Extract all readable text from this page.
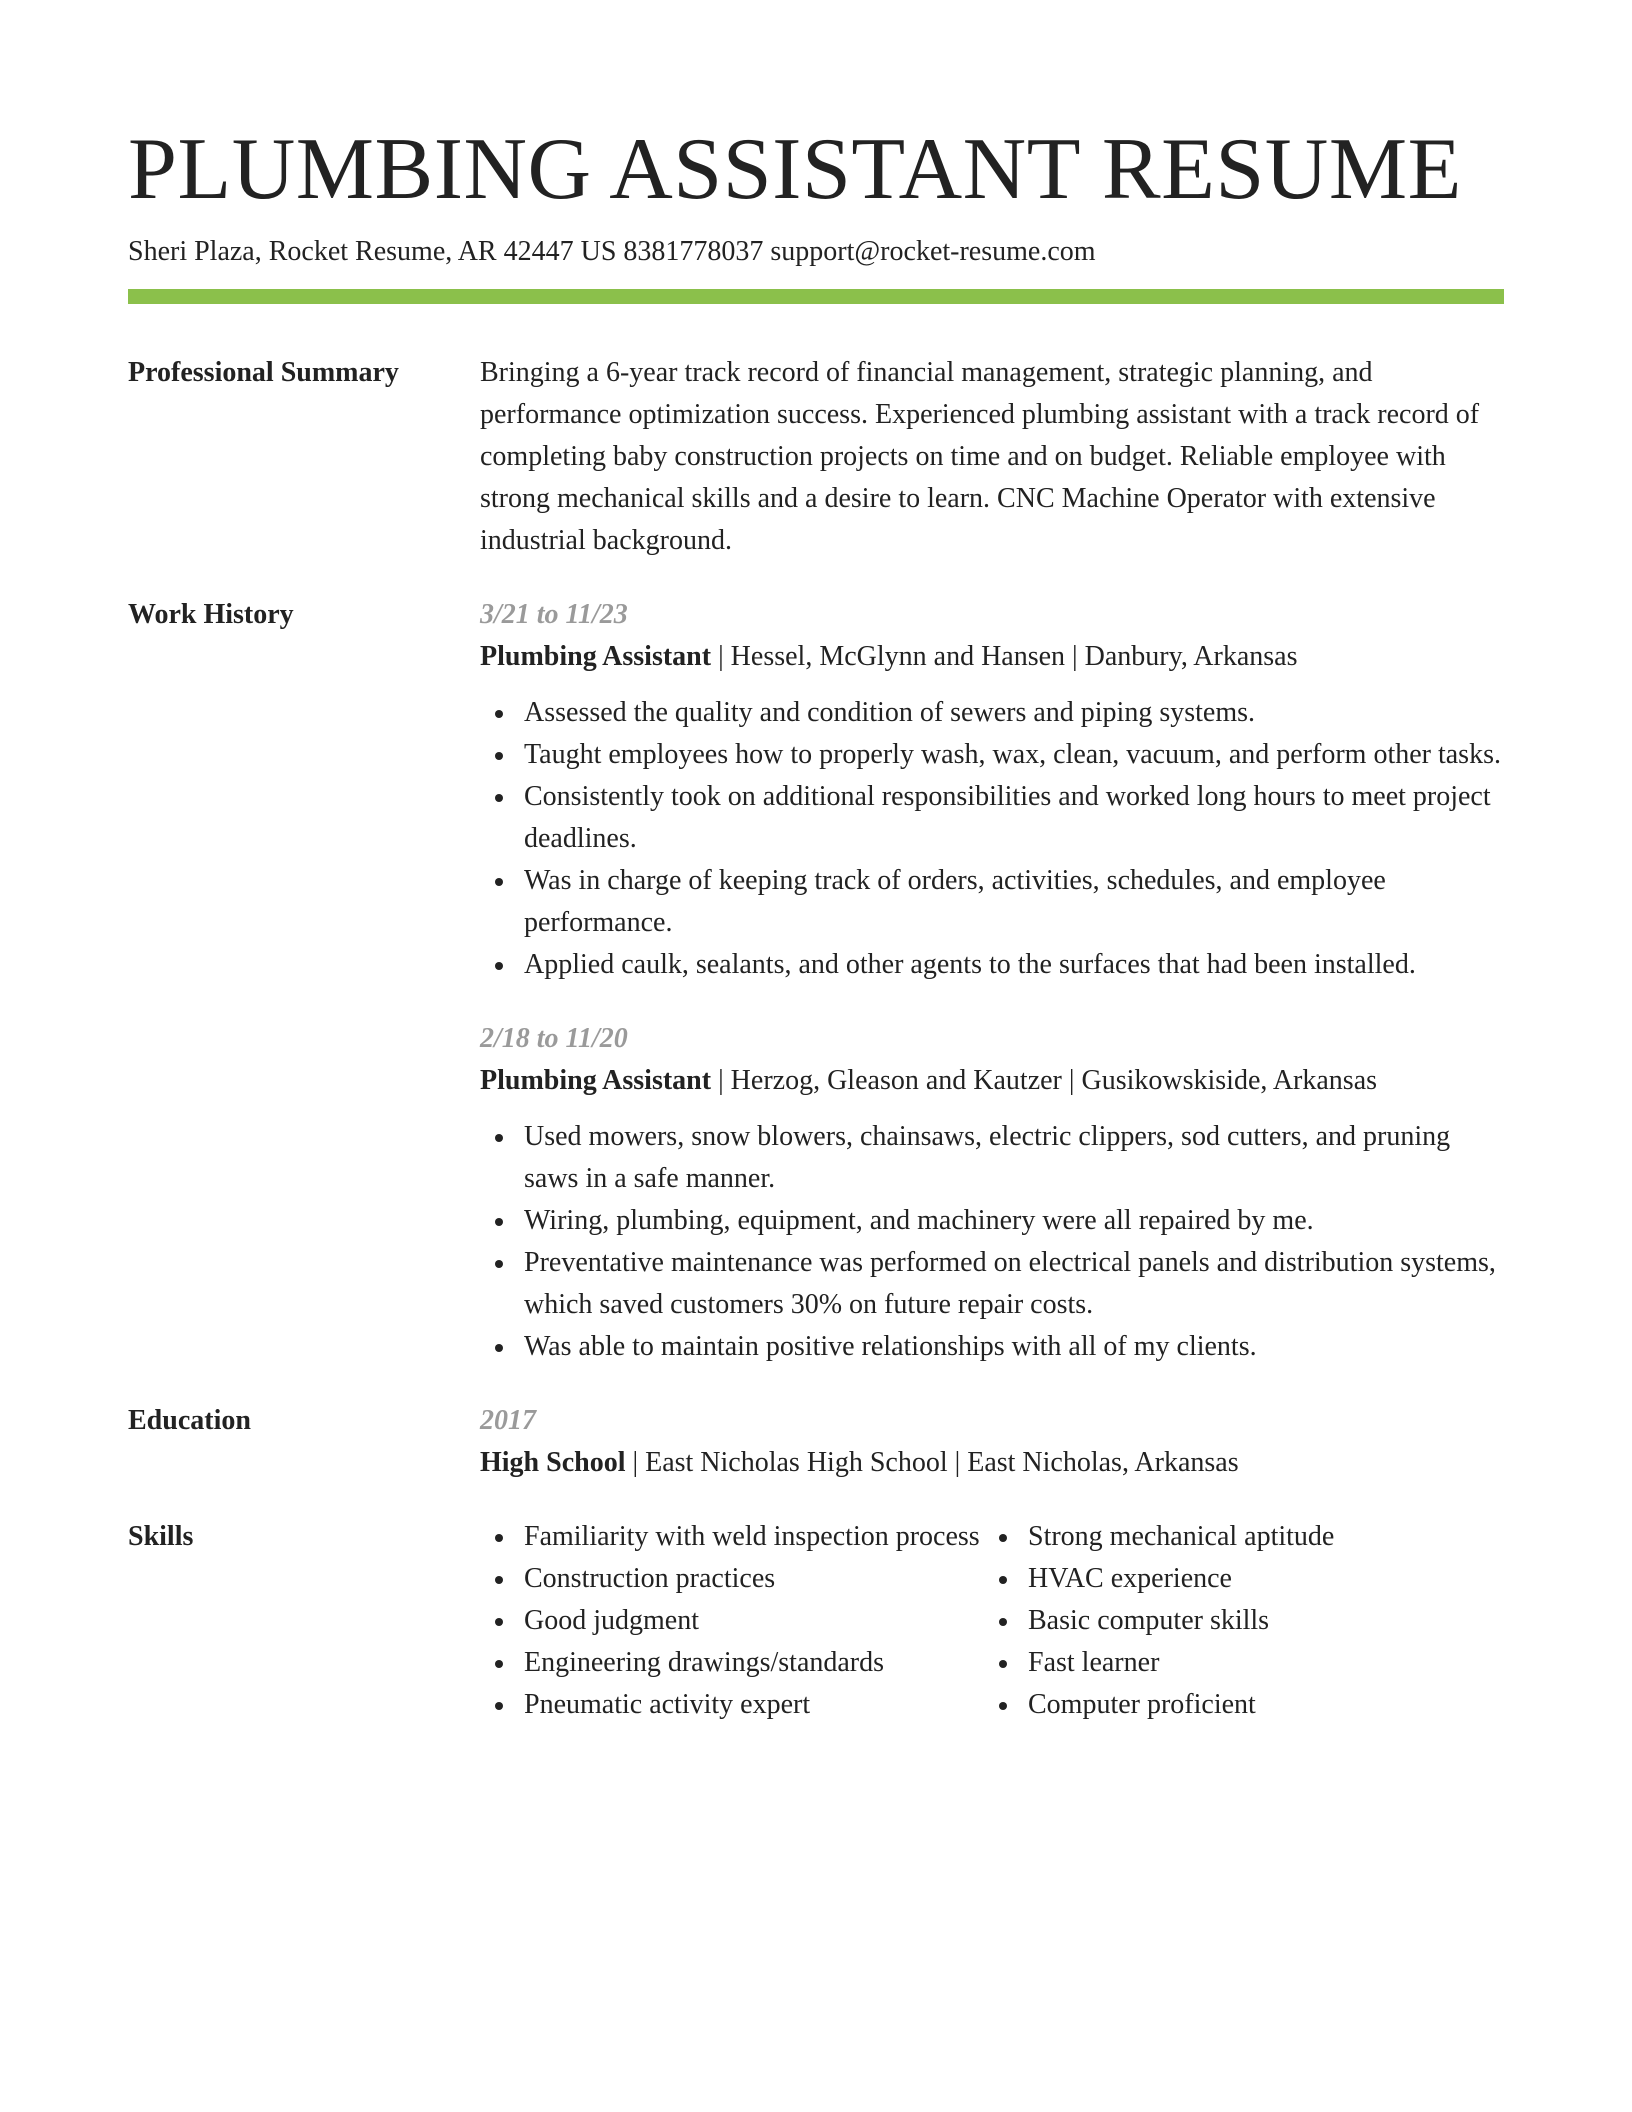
PLUMBING ASSISTANT RESUME
Sheri Plaza, Rocket Resume, AR 42447 US 8381778037 support@rocket-resume.com
Professional Summary	Bringing a 6-year track record of financial management, strategic planning, and performance optimization success. Experienced plumbing assistant with a track record of completing baby construction projects on time and on budget. Reliable employee with strong mechanical skills and a desire to learn. CNC Machine Operator with extensive industrial background.
Work History	3/21 to 11/23
Plumbing Assistant | Hessel, McGlynn and Hansen | Danbury, Arkansas
Assessed the quality and condition of sewers and piping systems.
Taught employees how to properly wash, wax, clean, vacuum, and perform other tasks.
Consistently took on additional responsibilities and worked long hours to meet project deadlines.
Was in charge of keeping track of orders, activities, schedules, and employee performance.
Applied caulk, sealants, and other agents to the surfaces that had been installed.
2/18 to 11/20
Plumbing Assistant | Herzog, Gleason and Kautzer | Gusikowskiside, Arkansas
Used mowers, snow blowers, chainsaws, electric clippers, sod cutters, and pruning saws in a safe manner.
Wiring, plumbing, equipment, and machinery were all repaired by me.
Preventative maintenance was performed on electrical panels and distribution systems, which saved customers 30% on future repair costs.
Was able to maintain positive relationships with all of my clients.
Education	2017
High School | East Nicholas High School | East Nicholas, Arkansas
Skills	Familiarity with weld inspection process
Construction practices
Good judgment
Engineering drawings/standards
Pneumatic activity expert
Strong mechanical aptitude
HVAC experience
Basic computer skills
Fast learner
Computer proficient
